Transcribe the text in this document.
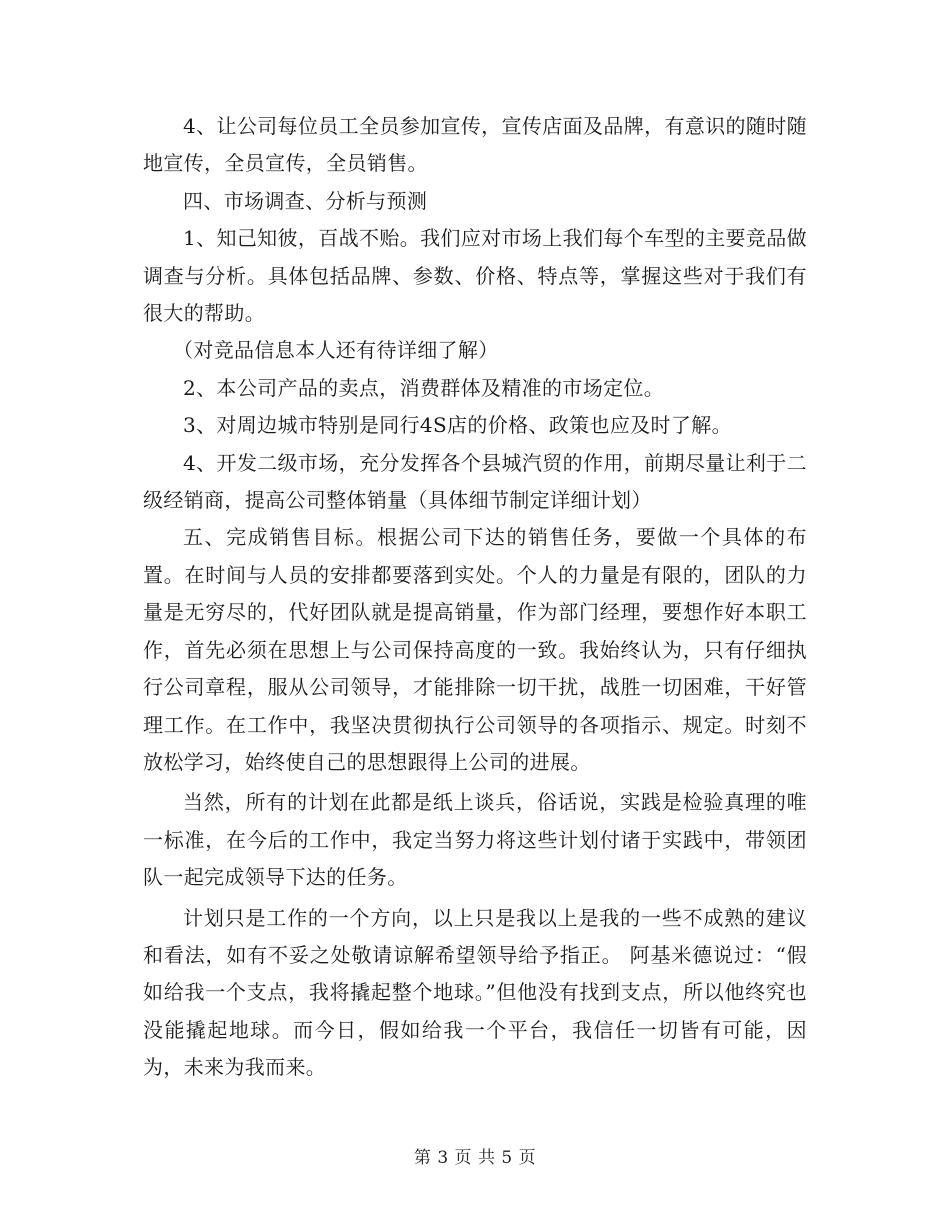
4、让公司每位员工全员参加宣传，宣传店面及品牌，有意识的随时随地宣传，全员宣传，全员销售。

四、市场调查、分析与预测

1、知己知彼，百战不贻。我们应对市场上我们每个车型的主要竞品做调查与分析。具体包括品牌、参数、价格、特点等，掌握这些对于我们有很大的帮助。

（对竞品信息本人还有待详细了解）

2、本公司产品的卖点，消费群体及精准的市场定位。

3、对周边城市特别是同行4S店的价格、政策也应及时了解。

4、开发二级市场，充分发挥各个县城汽贸的作用，前期尽量让利于二级经销商，提高公司整体销量（具体细节制定详细计划）

五、完成销售目标。根据公司下达的销售任务，要做一个具体的布置。在时间与人员的安排都要落到实处。个人的力量是有限的，团队的力量是无穷尽的，代好团队就是提高销量，作为部门经理，要想作好本职工作，首先必须在思想上与公司保持高度的一致。我始终认为，只有仔细执行公司章程，服从公司领导，才能排除一切干扰，战胜一切困难，干好管理工作。在工作中，我坚决贯彻执行公司领导的各项指示、规定。时刻不放松学习，始终使自己的思想跟得上公司的进展。

当然，所有的计划在此都是纸上谈兵，俗话说，实践是检验真理的唯一标准，在今后的工作中，我定当努力将这些计划付诸于实践中，带领团队一起完成领导下达的任务。

计划只是工作的一个方向，以上只是我以上是我的一些不成熟的建议和看法，如有不妥之处敬请谅解希望领导给予指正。 阿基米德说过：“假如给我一个支点，我将撬起整个地球。”但他没有找到支点，所以他终究也没能撬起地球。而今日，假如给我一个平台，我信任一切皆有可能，因为，未来为我而来。

第 3 页 共 5 页
